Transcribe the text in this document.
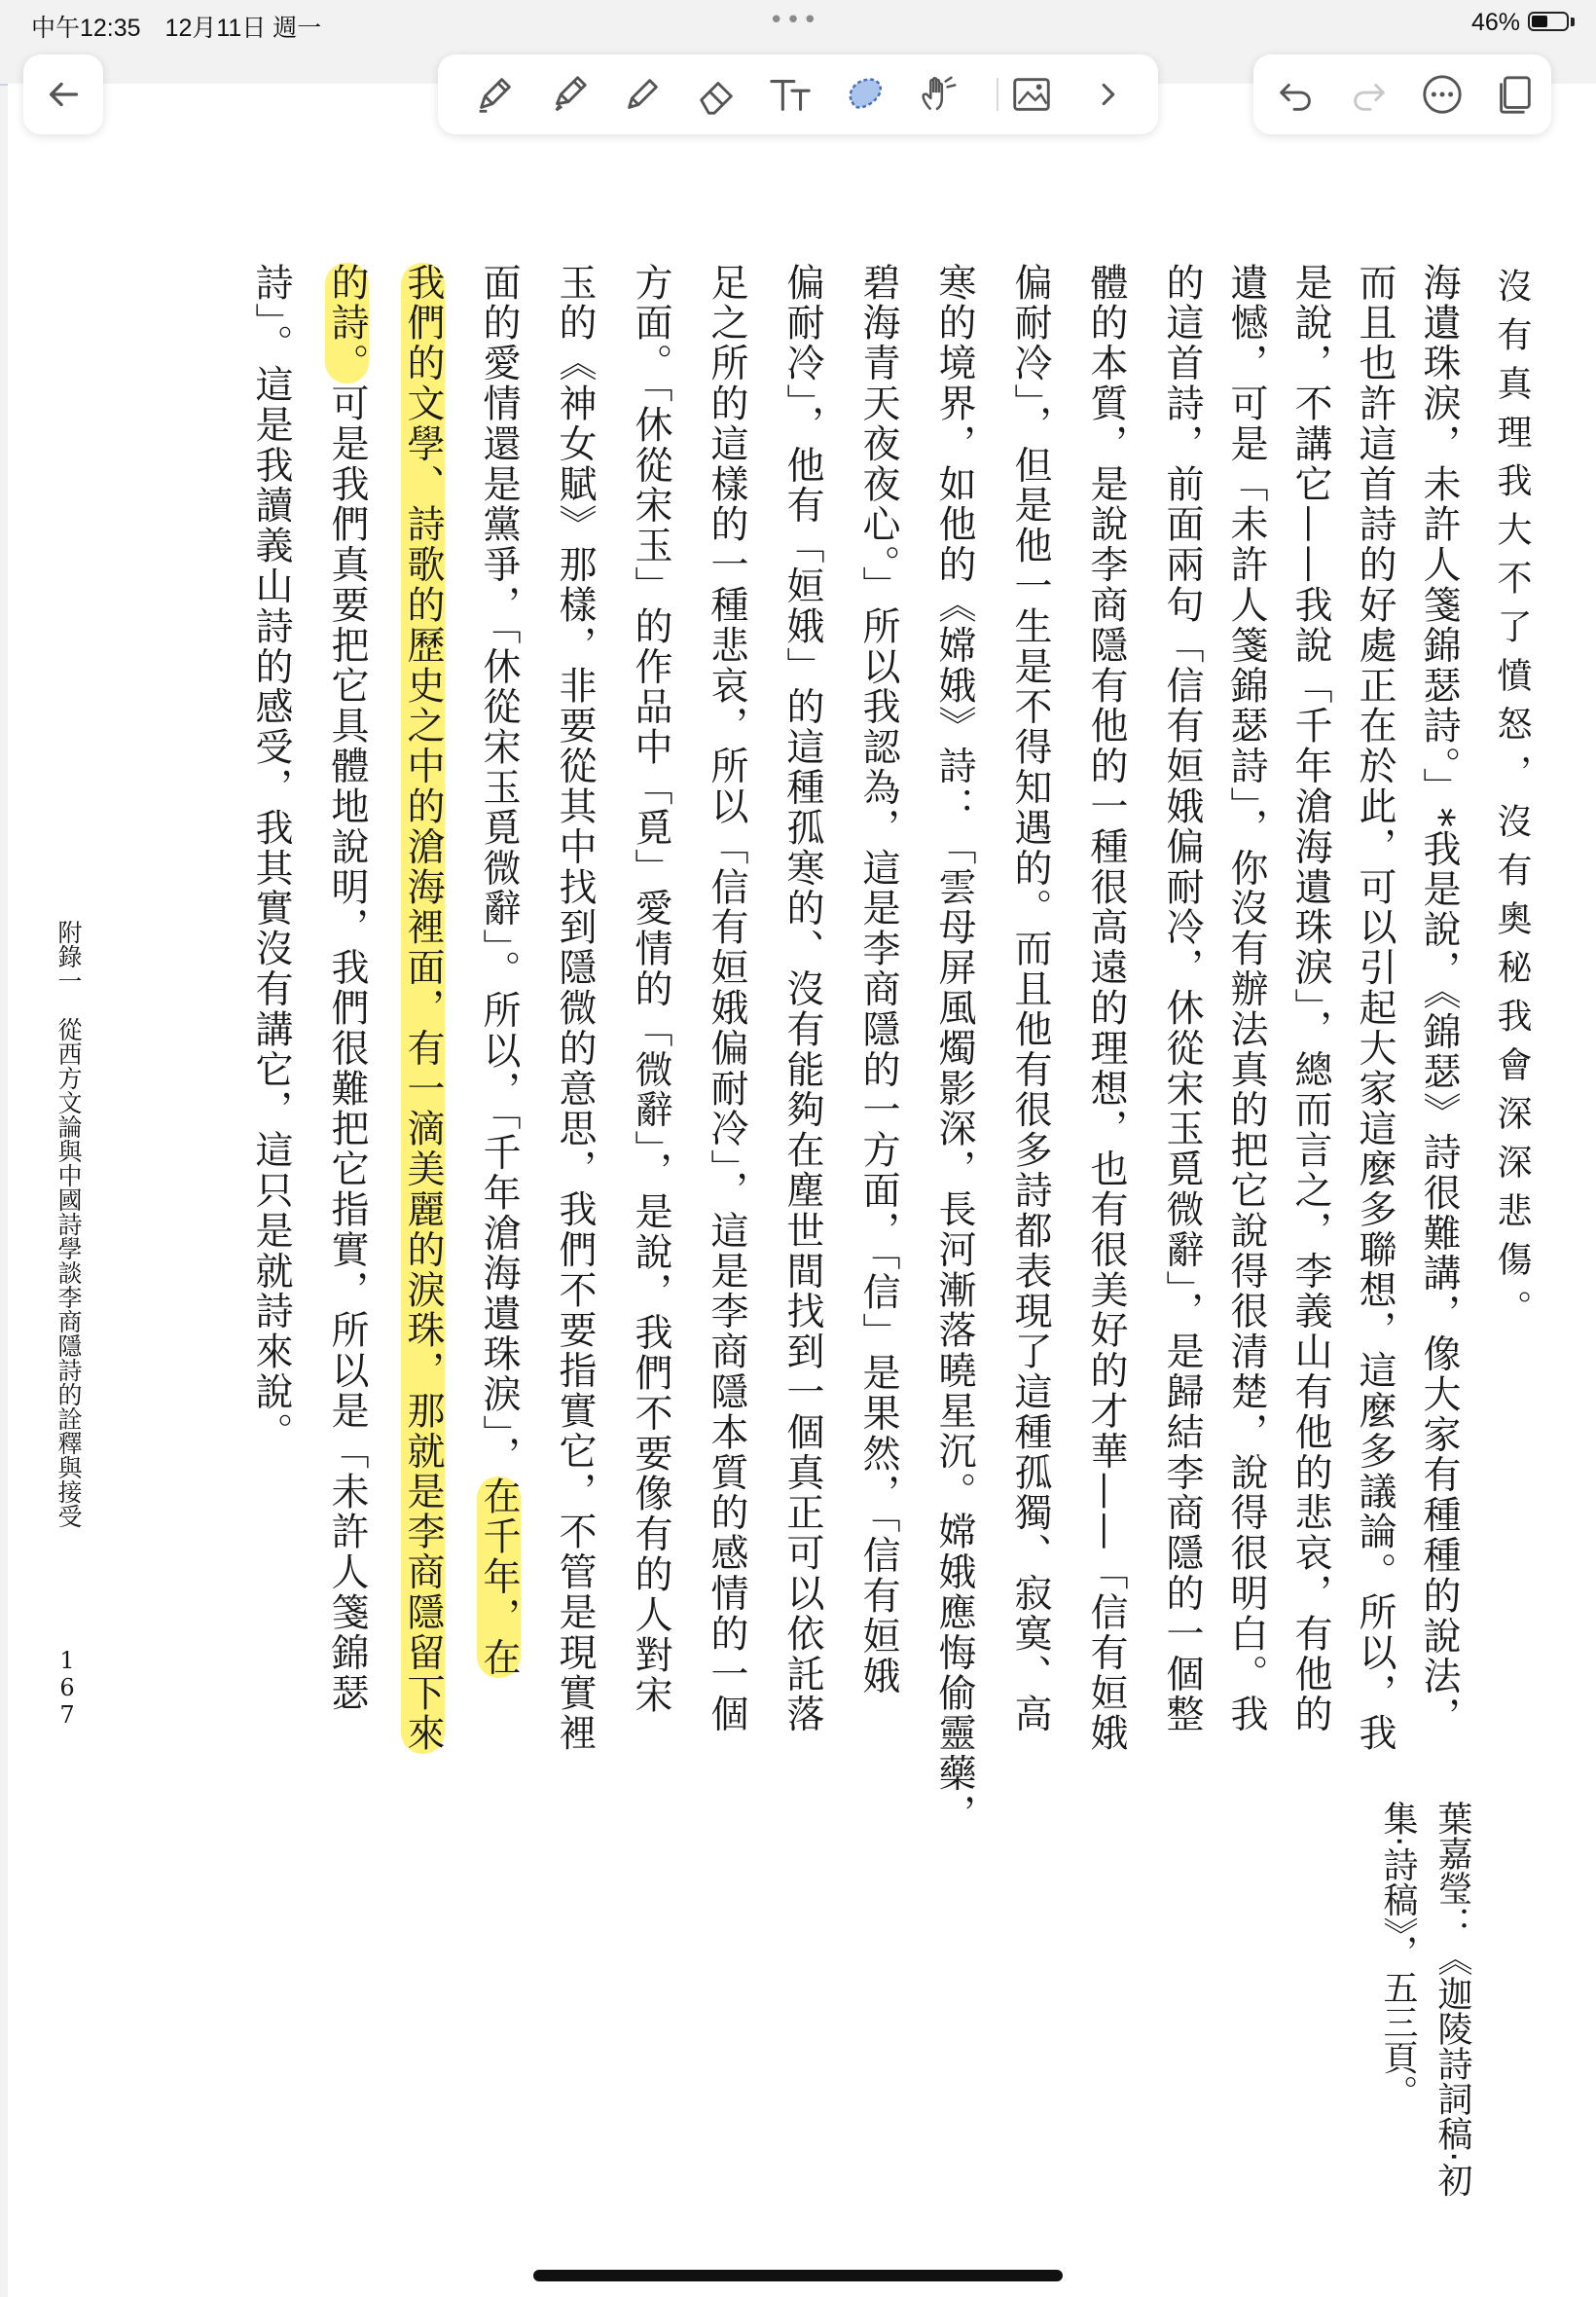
中午12:35　12月11日 週一	•••	46%
沒有真理我大不了憤怒，沒有奧秘我會深深悲傷。
海遺珠淚，未許人箋錦瑟詩。」*我是說，《錦瑟》詩很難講，像大家有種種的說法，
而且也許這首詩的好處正在於此，可以引起大家這麼多聯想，這麼多議論。所以，我
是說，不講它——我說「千年滄海遺珠淚」，總而言之，李義山有他的悲哀，有他的
遺憾，可是「未許人箋錦瑟詩」，你沒有辦法真的把它說得很清楚，說得很明白。我
的這首詩，前面兩句「信有姮娥偏耐冷，休從宋玉覓微辭」，是歸結李商隱的一個整
體的本質，是說李商隱有他的一種很高遠的理想，也有很美好的才華——「信有姮娥
偏耐冷」，但是他一生是不得知遇的。而且他有很多詩都表現了這種孤獨、寂寞、高
寒的境界，如他的《嫦娥》詩：「雲母屏風燭影深，長河漸落曉星沉。嫦娥應悔偷靈藥，
碧海青天夜夜心。」所以我認為，這是李商隱的一方面，「信」是果然，「信有姮娥
偏耐冷」，他有「姮娥」的這種孤寒的、沒有能夠在塵世間找到一個真正可以依託落
足之所的這樣的一種悲哀，所以「信有姮娥偏耐冷」，這是李商隱本質的感情的一個
方面。「休從宋玉」的作品中「覓」愛情的「微辭」，是說，我們不要像有的人對宋
玉的《神女賦》那樣，非要從其中找到隱微的意思，我們不要指實它，不管是現實裡
面的愛情還是黨爭，「休從宋玉覓微辭」。所以，「千年滄海遺珠淚」，在千年，在
我們的文學、詩歌的歷史之中的滄海裡面，有一滴美麗的淚珠，那就是李商隱留下來
的詩。可是我們真要把它具體地說明，我們很難把它指實，所以是「未許人箋錦瑟
詩」。這是我讀義山詩的感受，我其實沒有講它，這只是就詩來說。
葉嘉瑩：《迦陵詩詞稿‧初
集‧詩稿》，五三頁。
附錄一　從西方文論與中國詩學談李商隱詩的詮釋與接受
1
6
7
